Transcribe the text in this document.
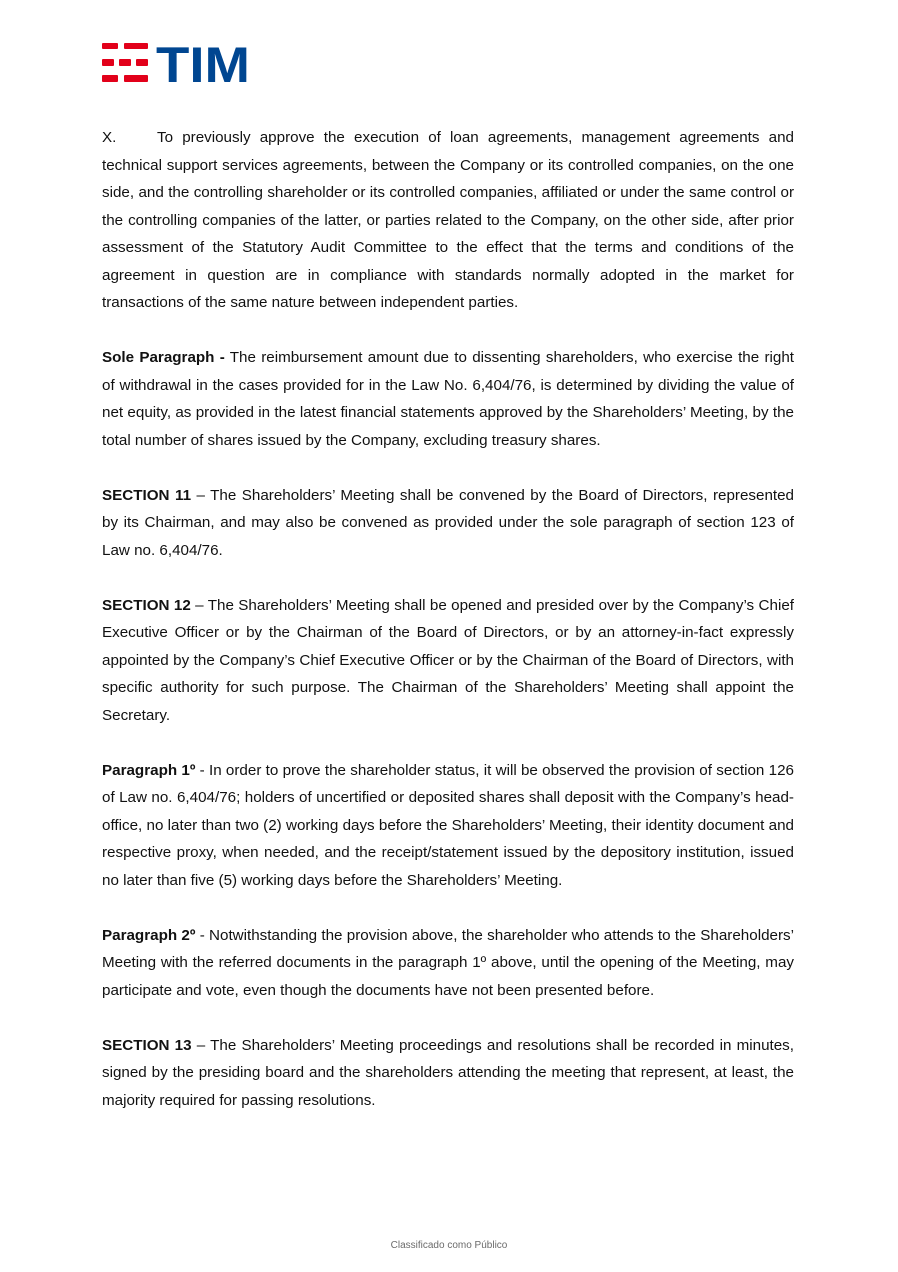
TIM

X.	To previously approve the execution of loan agreements, management agreements and technical support services agreements, between the Company or its controlled companies, on the one side, and the controlling shareholder or its controlled companies, affiliated or under the same control or the controlling companies of the latter, or parties related to the Company, on the other side, after prior assessment of the Statutory Audit Committee to the effect that the terms and conditions of the agreement in question are in compliance with standards normally adopted in the market for transactions of the same nature between independent parties.

Sole Paragraph - The reimbursement amount due to dissenting shareholders, who exercise the right of withdrawal in the cases provided for in the Law No. 6,404/76, is determined by dividing the value of net equity, as provided in the latest financial statements approved by the Shareholders’ Meeting, by the total number of shares issued by the Company, excluding treasury shares.

SECTION 11 – The Shareholders’ Meeting shall be convened by the Board of Directors, represented by its Chairman, and may also be convened as provided under the sole paragraph of section 123 of Law no. 6,404/76.

SECTION 12 – The Shareholders’ Meeting shall be opened and presided over by the Company’s Chief Executive Officer or by the Chairman of the Board of Directors, or by an attorney-in-fact expressly appointed by the Company’s Chief Executive Officer or by the Chairman of the Board of Directors, with specific authority for such purpose. The Chairman of the Shareholders’ Meeting shall appoint the Secretary.

Paragraph 1º - In order to prove the shareholder status, it will be observed the provision of section 126 of Law no. 6,404/76; holders of uncertified or deposited shares shall deposit with the Company’s head-office, no later than two (2) working days before the Shareholders’ Meeting, their identity document and respective proxy, when needed, and the receipt/statement issued by the depository institution, issued no later than five (5) working days before the Shareholders’ Meeting.

Paragraph 2º - Notwithstanding the provision above, the shareholder who attends to the Shareholders’ Meeting with the referred documents in the paragraph 1º above, until the opening of the Meeting, may participate and vote, even though the documents have not been presented before.

SECTION 13 – The Shareholders’ Meeting proceedings and resolutions shall be recorded in minutes, signed by the presiding board and the shareholders attending the meeting that represent, at least, the majority required for passing resolutions.

Classificado como Público
